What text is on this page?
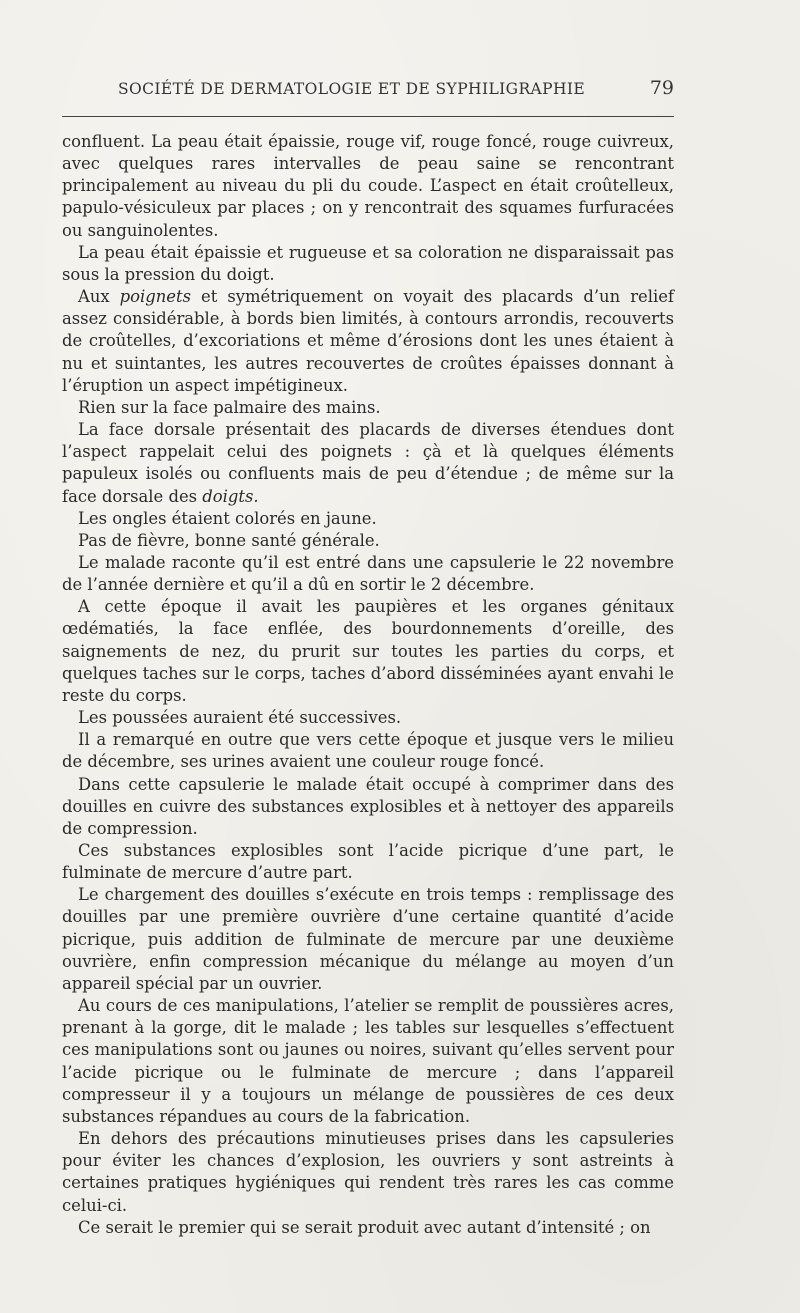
SOCIÉTÉ DE DERMATOLOGIE ET DE SYPHILIGRAPHIE	79

confluent. La peau était épaissie, rouge vif, rouge foncé, rouge cuivreux, avec quelques rares intervalles de peau saine se rencontrant principalement au niveau du pli du coude. L’aspect en était croûtelleux, papulo-vésiculeux par places ; on y rencontrait des squames furfuracées ou sanguinolentes.

La peau était épaissie et rugueuse et sa coloration ne disparaissait pas sous la pression du doigt.

Aux poignets et symétriquement on voyait des placards d’un relief assez considérable, à bords bien limités, à contours arrondis, recouverts de croûtelles, d’excoriations et même d’érosions dont les unes étaient à nu et suintantes, les autres recouvertes de croûtes épaisses donnant à l’éruption un aspect impétigineux.

Rien sur la face palmaire des mains.

La face dorsale présentait des placards de diverses étendues dont l’aspect rappelait celui des poignets : çà et là quelques éléments papuleux isolés ou confluents mais de peu d’étendue ; de même sur la face dorsale des doigts.

Les ongles étaient colorés en jaune.

Pas de fièvre, bonne santé générale.

Le malade raconte qu’il est entré dans une capsulerie le 22 novembre de l’année dernière et qu’il a dû en sortir le 2 décembre.

A cette époque il avait les paupières et les organes génitaux œdématiés, la face enflée, des bourdonnements d’oreille, des saignements de nez, du prurit sur toutes les parties du corps, et quelques taches sur le corps, taches d’abord disséminées ayant envahi le reste du corps.

Les poussées auraient été successives.

Il a remarqué en outre que vers cette époque et jusque vers le milieu de décembre, ses urines avaient une couleur rouge foncé.

Dans cette capsulerie le malade était occupé à comprimer dans des douilles en cuivre des substances explosibles et à nettoyer des appareils de compression.

Ces substances explosibles sont l’acide picrique d’une part, le fulminate de mercure d’autre part.

Le chargement des douilles s’exécute en trois temps : remplissage des douilles par une première ouvrière d’une certaine quantité d’acide picrique, puis addition de fulminate de mercure par une deuxième ouvrière, enfin compression mécanique du mélange au moyen d’un appareil spécial par un ouvrier.

Au cours de ces manipulations, l’atelier se remplit de poussières acres, prenant à la gorge, dit le malade ; les tables sur lesquelles s’effectuent ces manipulations sont ou jaunes ou noires, suivant qu’elles servent pour l’acide picrique ou le fulminate de mercure ; dans l’appareil compresseur il y a toujours un mélange de poussières de ces deux substances répandues au cours de la fabrication.

En dehors des précautions minutieuses prises dans les capsuleries pour éviter les chances d’explosion, les ouvriers y sont astreints à certaines pratiques hygiéniques qui rendent très rares les cas comme celui-ci.

Ce serait le premier qui se serait produit avec autant d’intensité ; on
